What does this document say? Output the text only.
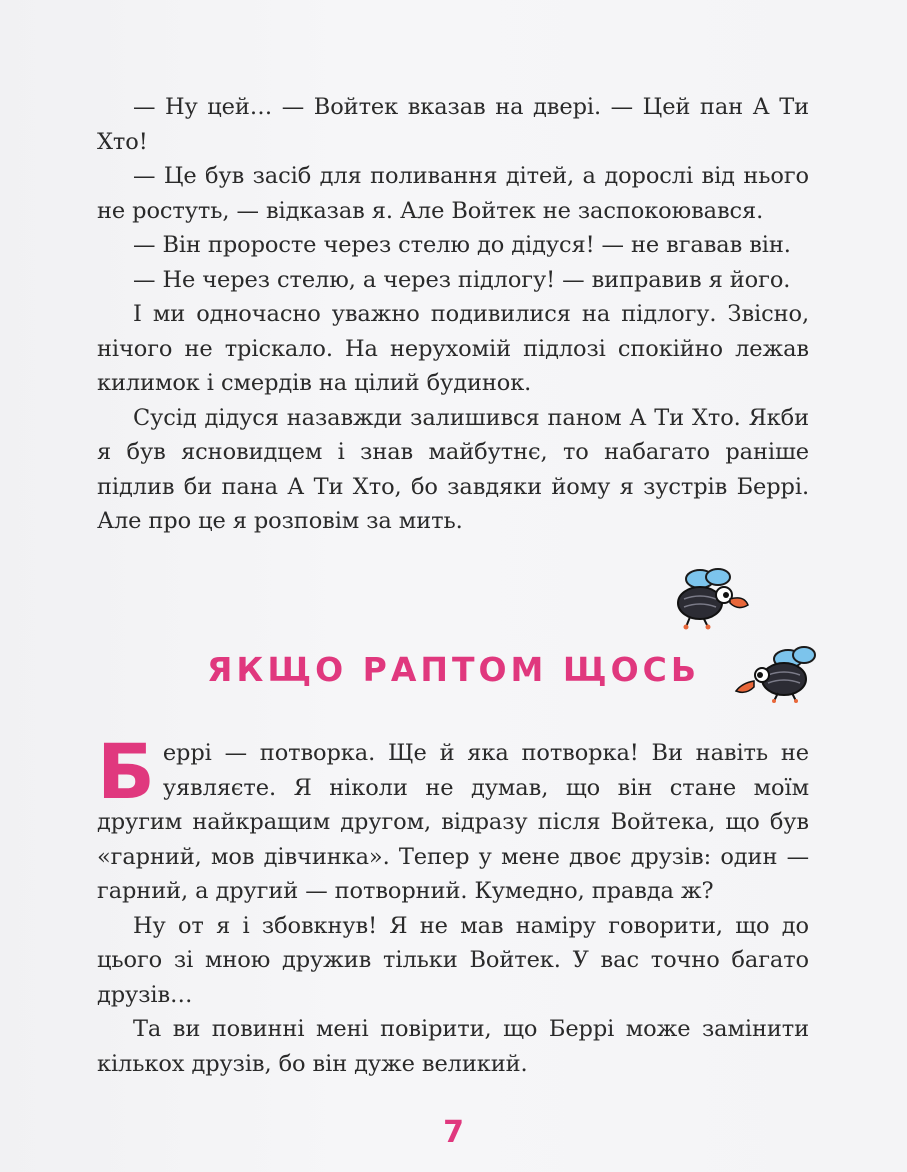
— Ну цей… — Войтек вказав на двері. — Цей пан А Ти Хто!

— Це був засіб для поливання дітей, а дорослі від нього не ростуть, — відказав я. Але Войтек не заспокоювався.

— Він проросте через стелю до дідуся! — не вгавав він.

— Не через стелю, а через підлогу! — виправив я його.

І ми одночасно уважно подивилися на підлогу. Звісно, нічого не тріскало. На нерухомій підлозі спокійно лежав килимок і смердів на цілий будинок.

Сусід дідуся назавжди залишився паном А Ти Хто. Якби я був ясновидцем і знав майбутнє, то набагато раніше підлив би пана А Ти Хто, бо завдяки йому я зустрів Беррі. Але про це я розповім за мить.

ЯКЩО РАПТОМ ЩОСЬ

Беррі — потворка. Ще й яка потворка! Ви навіть не уявляєте. Я ніколи не думав, що він стане моїм другим найкращим другом, відразу після Войтека, що був «гарний, мов дівчинка». Тепер у мене двоє друзів: один — гарний, а другий — потворний. Кумедно, правда ж?

Ну от я і збовкнув! Я не мав наміру говорити, що до цього зі мною дружив тільки Войтек. У вас точно багато друзів…

Та ви повинні мені повірити, що Беррі може замінити кількох друзів, бо він дуже великий.

7
